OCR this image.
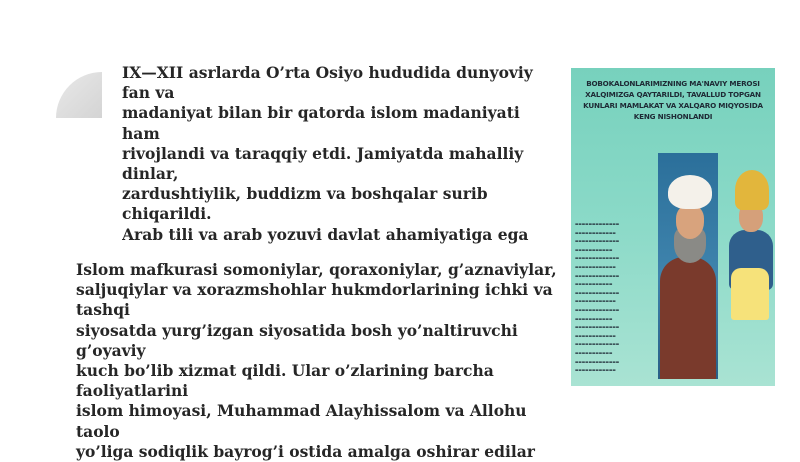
IX—XII asrlarda O’rta Osiyo hududida dunyoviy fan va
madaniyat bilan bir qatorda islom madaniyati ham
rivojlandi va taraqqiy etdi. Jamiyatda mahalliy dinlar,
zardushtiylik, buddizm va boshqalar surib chiqarildi.
Arab tili va arab yozuvi davlat ahamiyatiga ega

Islom mafkurasi somoniylar, qoraxoniylar, g’aznaviylar,
saljuqiylar va xorazmshohlar hukmdorlarining ichki va tashqi
siyosatda yurg’izgan siyosatida bosh yo’naltiruvchi g’oyaviy
kuch bo’lib xizmat qildi. Ular o’zlarining barcha faoliyatlarini
islom himoyasi, Muhammad Alayhissalom va Allohu taolo
yo’liga sodiqlik bayrog’i ostida amalga oshirar edilar

BOBOKALONLARIMIZNING MA'NAVIY MEROSI XALQIMIZGA QAYTARILDI, TAVALLUD TOPGAN KUNLARI MAMLAKAT VA XALQARO MIQYOSIDA KENG NISHONLANDI
▬▬▬▬▬▬▬▬▬▬▬▬▬
▬▬▬▬▬▬▬▬▬▬▬▬
▬▬▬▬▬▬▬▬▬▬▬▬▬
▬▬▬▬▬▬▬▬▬▬▬
▬▬▬▬▬▬▬▬▬▬▬▬▬
▬▬▬▬▬▬▬▬▬▬▬▬
▬▬▬▬▬▬▬▬▬▬▬▬▬
▬▬▬▬▬▬▬▬▬▬▬
▬▬▬▬▬▬▬▬▬▬▬▬▬
▬▬▬▬▬▬▬▬▬▬▬▬
▬▬▬▬▬▬▬▬▬▬▬▬▬
▬▬▬▬▬▬▬▬▬▬▬
▬▬▬▬▬▬▬▬▬▬▬▬▬
▬▬▬▬▬▬▬▬▬▬▬▬
▬▬▬▬▬▬▬▬▬▬▬▬▬
▬▬▬▬▬▬▬▬▬▬▬
▬▬▬▬▬▬▬▬▬▬▬▬▬
▬▬▬▬▬▬▬▬▬▬▬▬
